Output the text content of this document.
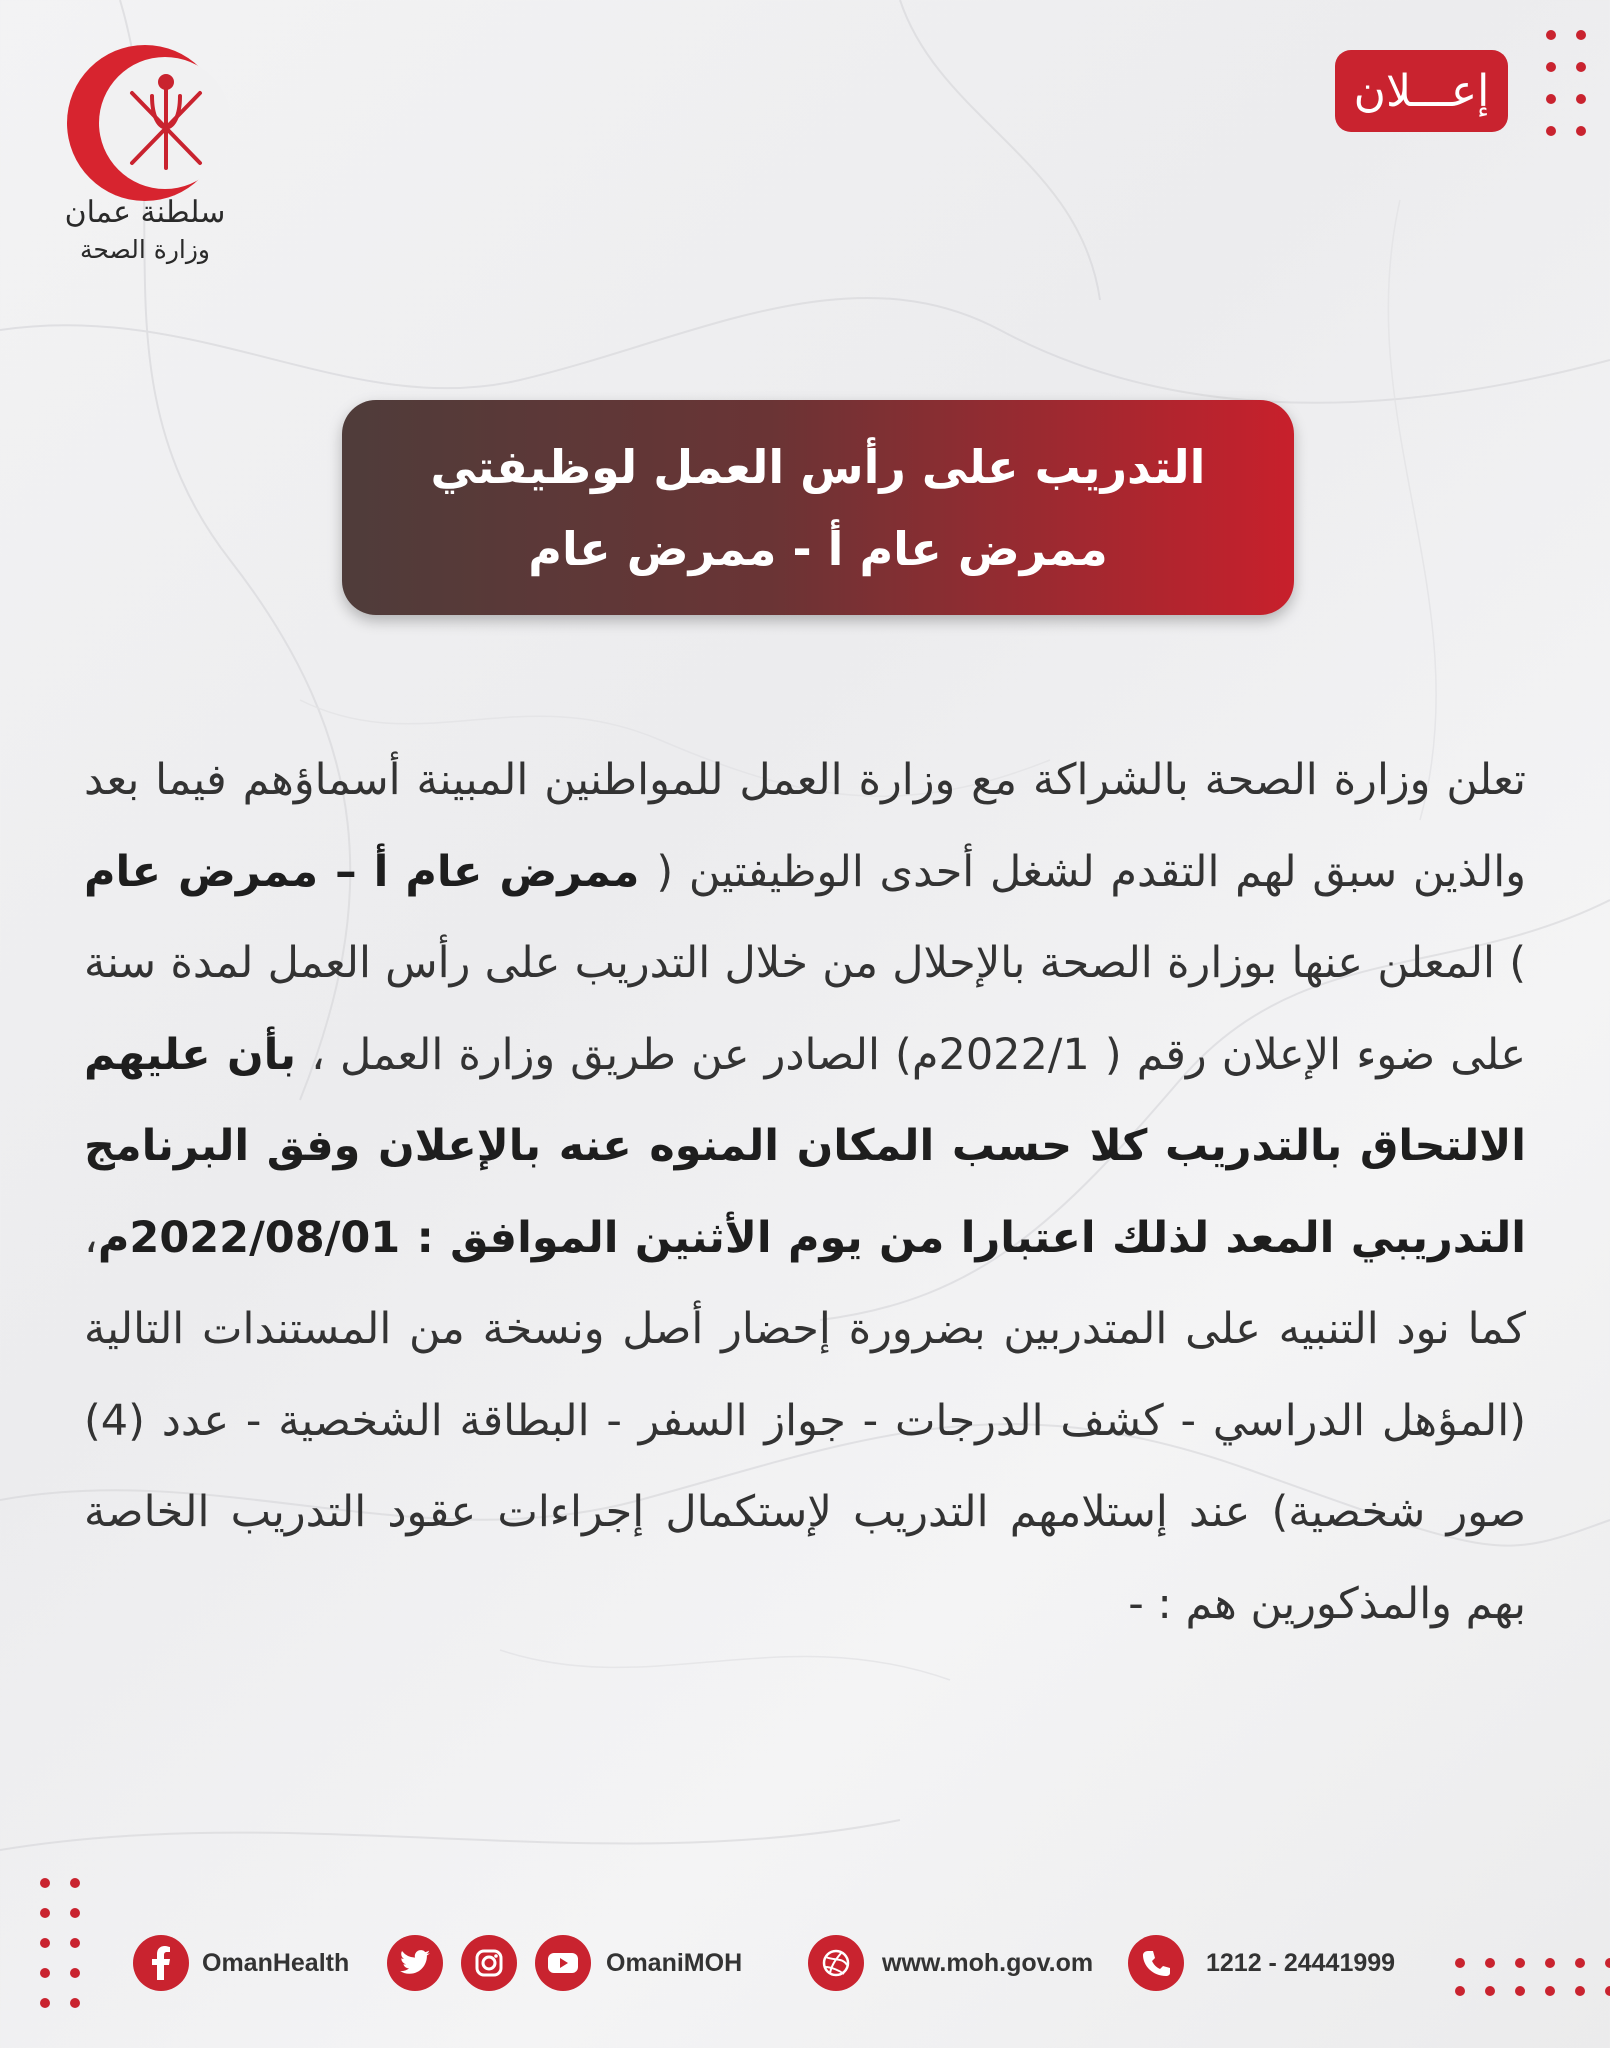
سلطنة عمان
وزارة الصحة
إعـــلان
التدريب على رأس العمل لوظيفتي
ممرض عام أ - ممرض عام
تعلن وزارة الصحة بالشراكة مع وزارة العمل للمواطنين المبينة أسماؤهم فيما بعد والذين سبق لهم التقدم لشغل أحدى الوظيفتين ( ممرض عام أ – ممرض عام ) المعلن عنها بوزارة الصحة بالإحلال من خلال التدريب على رأس العمل لمدة سنة على ضوء الإعلان رقم ( 2022/1م) الصادر عن طريق وزارة العمل ، بأن عليهم الالتحاق بالتدريب كلا حسب المكان المنوه عنه بالإعلان وفق البرنامج التدريبي المعد لذلك اعتبارا من يوم الأثنين الموافق : 2022/08/01م، كما نود التنبيه على المتدربين بضرورة إحضار أصل ونسخة من المستندات التالية (المؤهل الدراسي - كشف الدرجات - جواز السفر - البطاقة الشخصية - عدد (4) صور شخصية) عند إستلامهم التدريب لإستكمال إجراءات عقود التدريب الخاصة بهم والمذكورين هم : -
OmanHealth	OmaniMOH	www.moh.gov.om	1212 - 24441999
